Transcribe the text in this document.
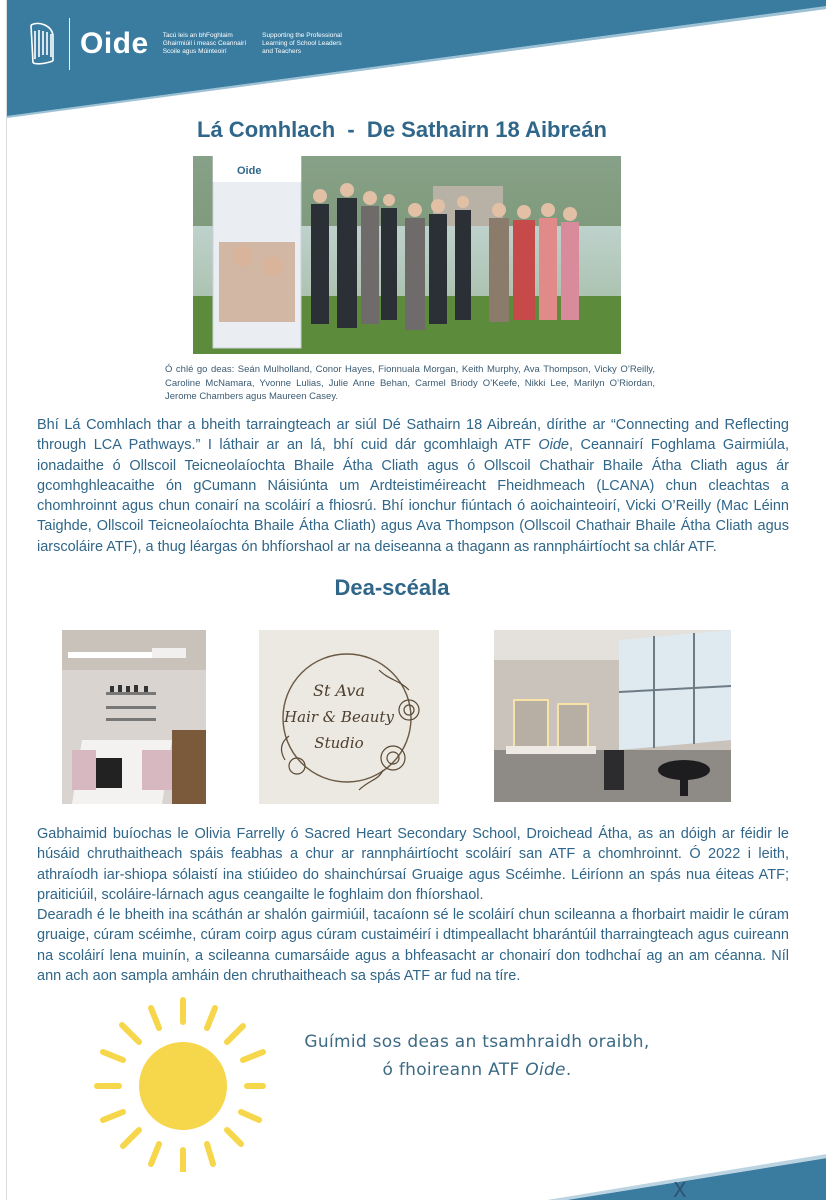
Oide Tacú leis an bhFoghlaim
Ghairmiúil i measc Ceannairí
Scoile agus Múinteoirí
Supporting the Professional
Learning of School Leaders
and Teachers
Lá Comhlach  -  De Sathairn 18 Aibreán
Oide
Ó chlé go deas: Seán Mulholland, Conor Hayes, Fionnuala Morgan, Keith Murphy, Ava Thompson, Vicky O’Reilly, Caroline McNamara, Yvonne Lulias, Julie Anne Behan, Carmel Briody O’Keefe, Nikki Lee, Marilyn O’Riordan, Jerome Chambers agus Maureen Casey.

Bhí Lá Comhlach thar a bheith tarraingteach ar siúl Dé Sathairn 18 Aibreán, dírithe ar “Connecting and Reflecting through LCA Pathways.” I láthair ar an lá, bhí cuid dár gcomhlaigh ATF Oide, Ceannairí Foghlama Gairmiúla, ionadaithe ó Ollscoil Teicneolaíochta Bhaile Átha Cliath agus ó Ollscoil Chathair Bhaile Átha Cliath agus ár gcomhghleacaithe ón gCumann Náisiúnta um Ardteistiméireacht Fheidhmeach (LCANA) chun cleachtas a chomhroinnt agus chun conairí na scoláirí a fhiosrú. Bhí ionchur fiúntach ó aoichainteoirí, Vicki O’Reilly (Mac Léinn Taighde, Ollscoil Teicneolaíochta Bhaile Átha Cliath) agus Ava Thompson (Ollscoil Chathair Bhaile Átha Cliath agus iarscoláire ATF), a thug léargas ón bhfíorshaol ar na deiseanna a thagann as rannpháirtíocht sa chlár ATF.

Dea-scéala
St Ava
Hair & Beauty
Studio

Gabhaimid buíochas le Olivia Farrelly ó Sacred Heart Secondary School, Droichead Átha, as an dóigh ar féidir le húsáid chruthaitheach spáis feabhas a chur ar rannpháirtíocht scoláirí san ATF a chomhroinnt. Ó 2022 i leith, athraíodh iar-shiopa sólaistí ina stiúideo do shainchúrsaí Gruaige agus Scéimhe. Léiríonn an spás nua éiteas ATF; praiticiúil, scoláire-lárnach agus ceangailte le foghlaim don fhíorshaol.
Dearadh é le bheith ina scáthán ar shalón gairmiúil, tacaíonn sé le scoláirí chun scileanna a fhorbairt maidir le cúram gruaige, cúram scéimhe, cúram coirp agus cúram custaiméirí i dtimpeallacht bharántúil tharraingteach agus cuireann na scoláirí lena muinín, a scileanna cumarsáide agus a bhfeasacht ar chonairí don todhchaí ag an am céanna. Níl ann ach aon sampla amháin den chruthaitheach sa spás ATF ar fud na tíre.

Guímid sos deas an tsamhraidh oraibh,
ó fhoireann ATF Oide.
X
